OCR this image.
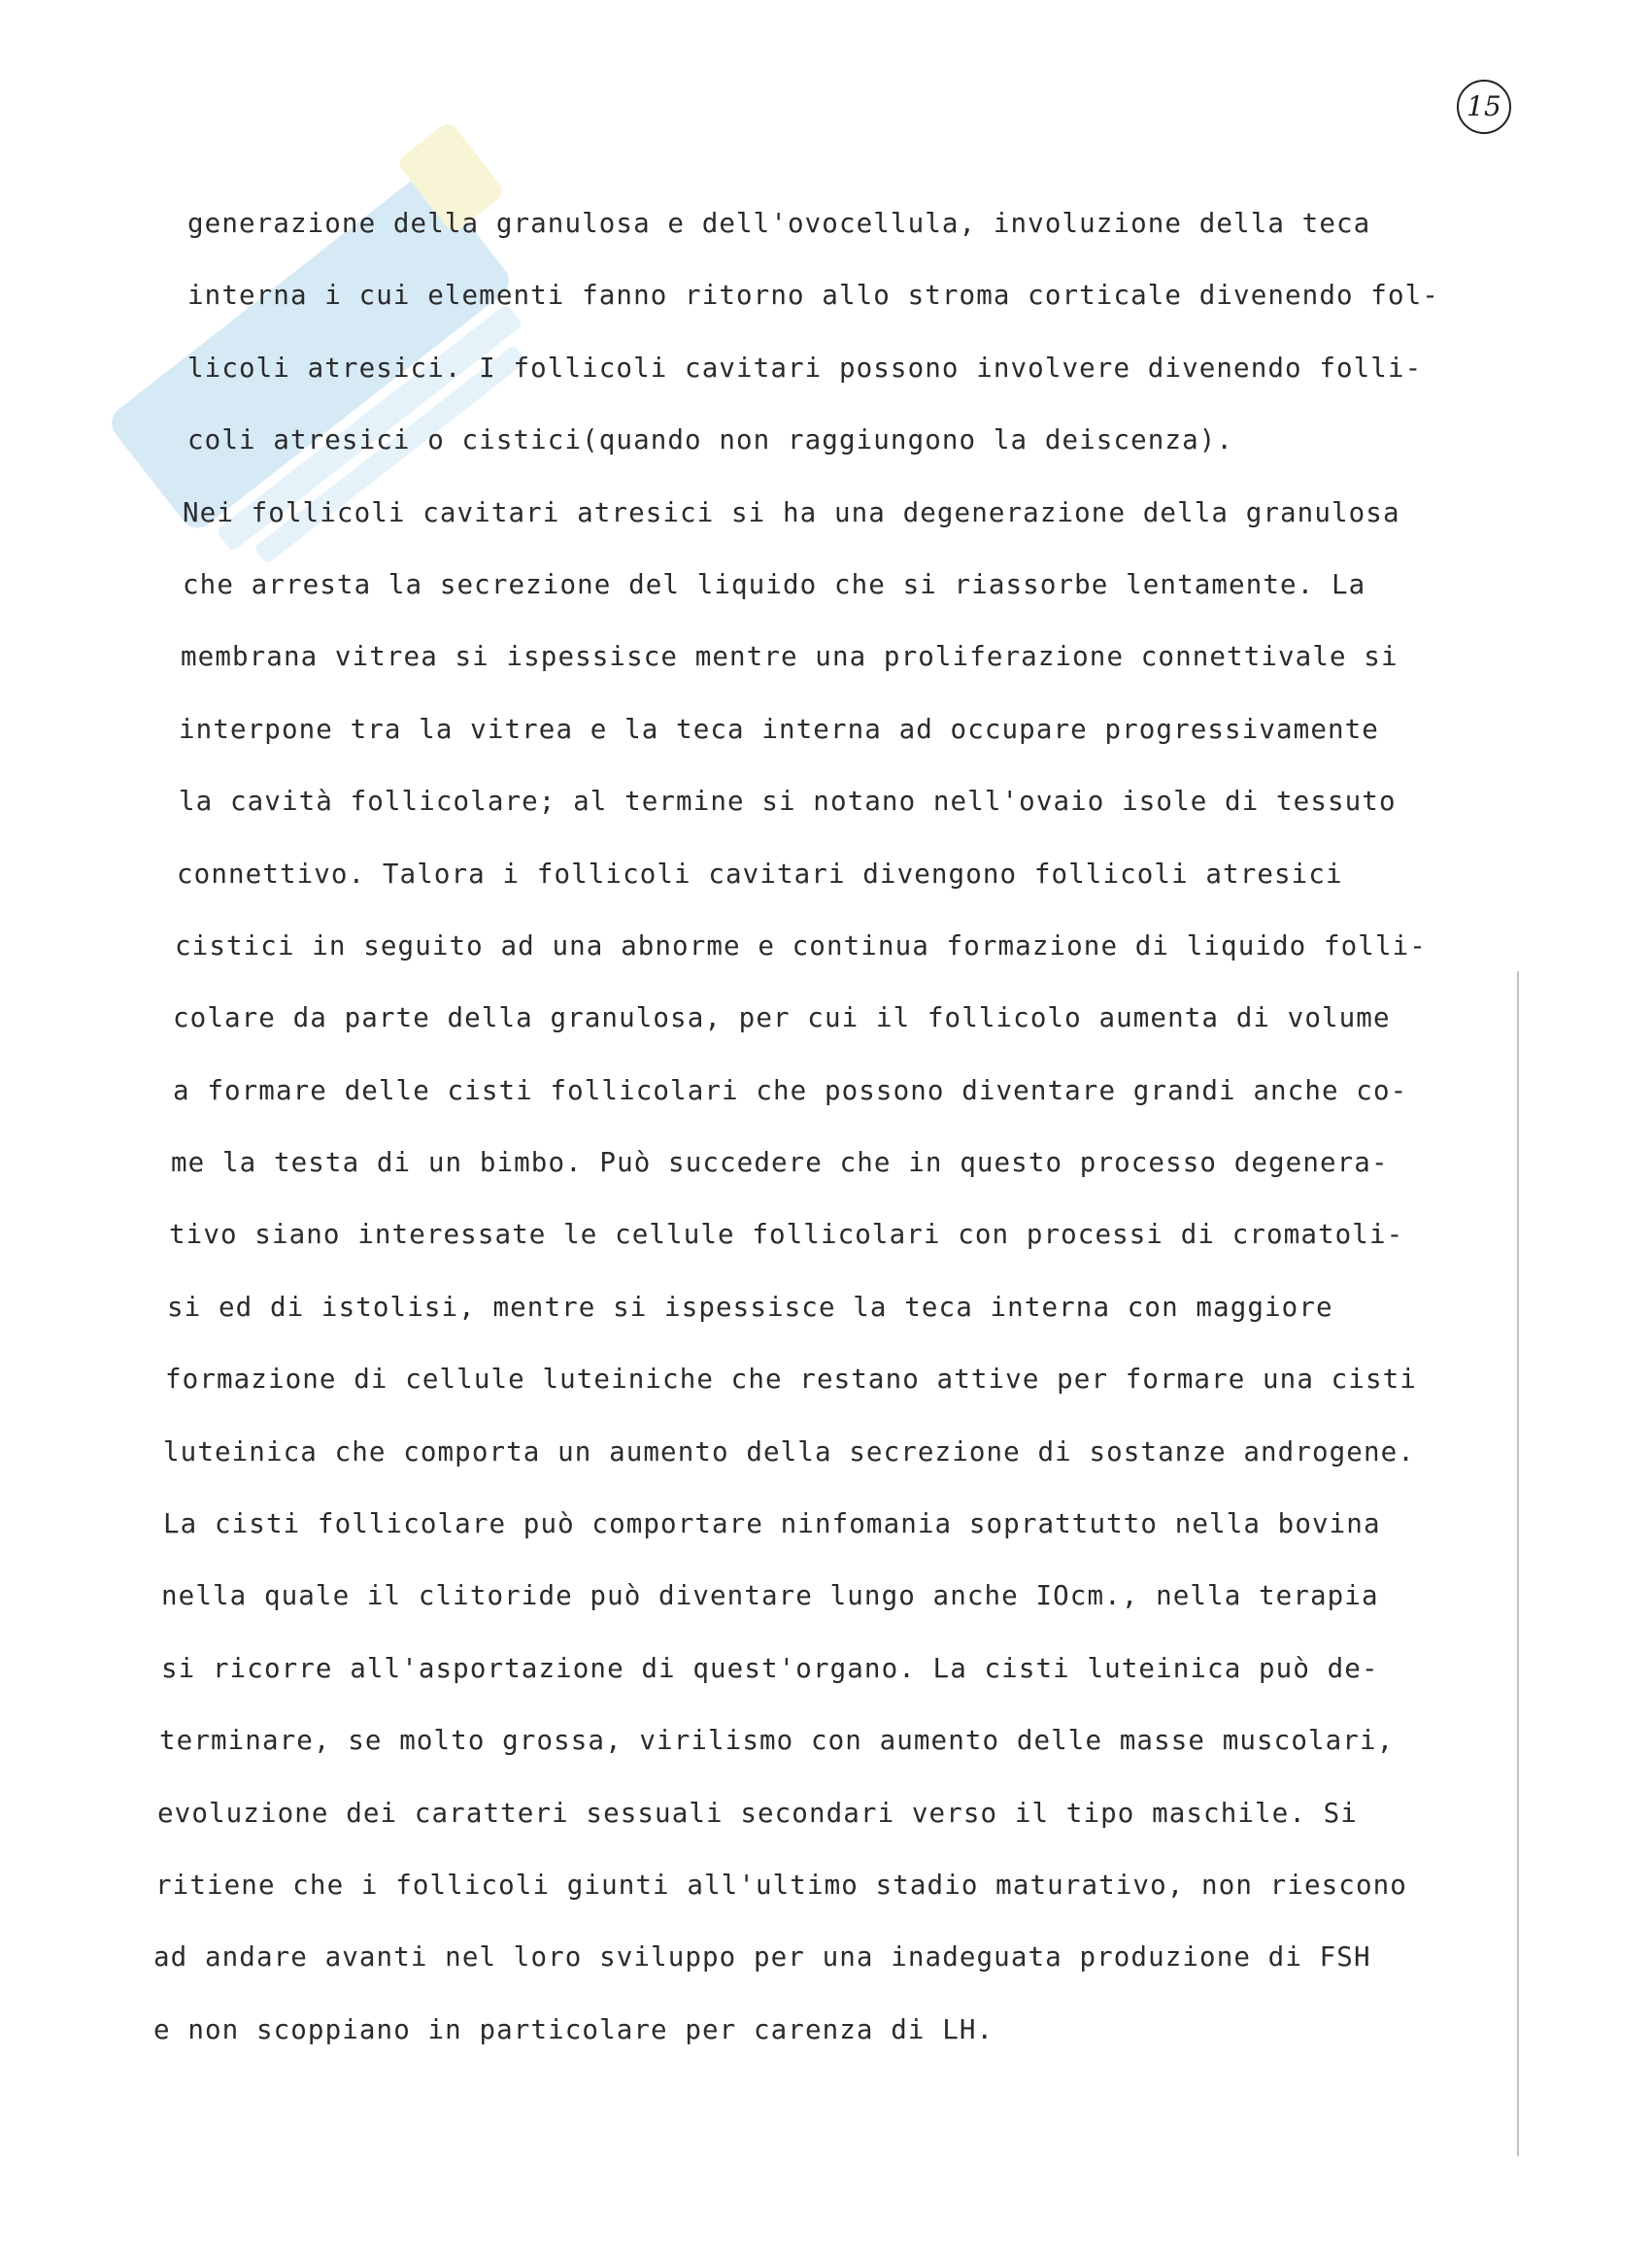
15
generazione della granulosa e dell'ovocellula, involuzione della teca
interna i cui elementi fanno ritorno allo stroma corticale divenendo fol-
licoli atresici. I follicoli cavitari possono involvere divenendo folli-
coli atresici o cistici(quando non raggiungono la deiscenza).
Nei follicoli cavitari atresici si ha una degenerazione della granulosa
che arresta la secrezione del liquido che si riassorbe lentamente. La
membrana vitrea si ispessisce mentre una proliferazione connettivale si
interpone tra la vitrea e la teca interna ad occupare progressivamente
la cavità follicolare; al termine si notano nell'ovaio isole di tessuto
connettivo. Talora i follicoli cavitari divengono follicoli atresici
cistici in seguito ad una abnorme e continua formazione di liquido folli-
colare da parte della granulosa, per cui il follicolo aumenta di volume
a formare delle cisti follicolari che possono diventare grandi anche co-
me la testa di un bimbo. Può succedere che in questo processo degenera-
tivo siano interessate le cellule follicolari con processi di cromatoli-
si ed di istolisi, mentre si ispessisce la teca interna con maggiore
formazione di cellule luteiniche che restano attive per formare una cisti
luteinica che comporta un aumento della secrezione di sostanze androgene.
La cisti follicolare può comportare ninfomania soprattutto nella bovina
nella quale il clitoride può diventare lungo anche IOcm., nella terapia
si ricorre all'asportazione di quest'organo. La cisti luteinica può de-
terminare, se molto grossa, virilismo con aumento delle masse muscolari,
evoluzione dei caratteri sessuali secondari verso il tipo maschile. Si
ritiene che i follicoli giunti all'ultimo stadio maturativo, non riescono
ad andare avanti nel loro sviluppo per una inadeguata produzione di FSH
e non scoppiano in particolare per carenza di LH.
